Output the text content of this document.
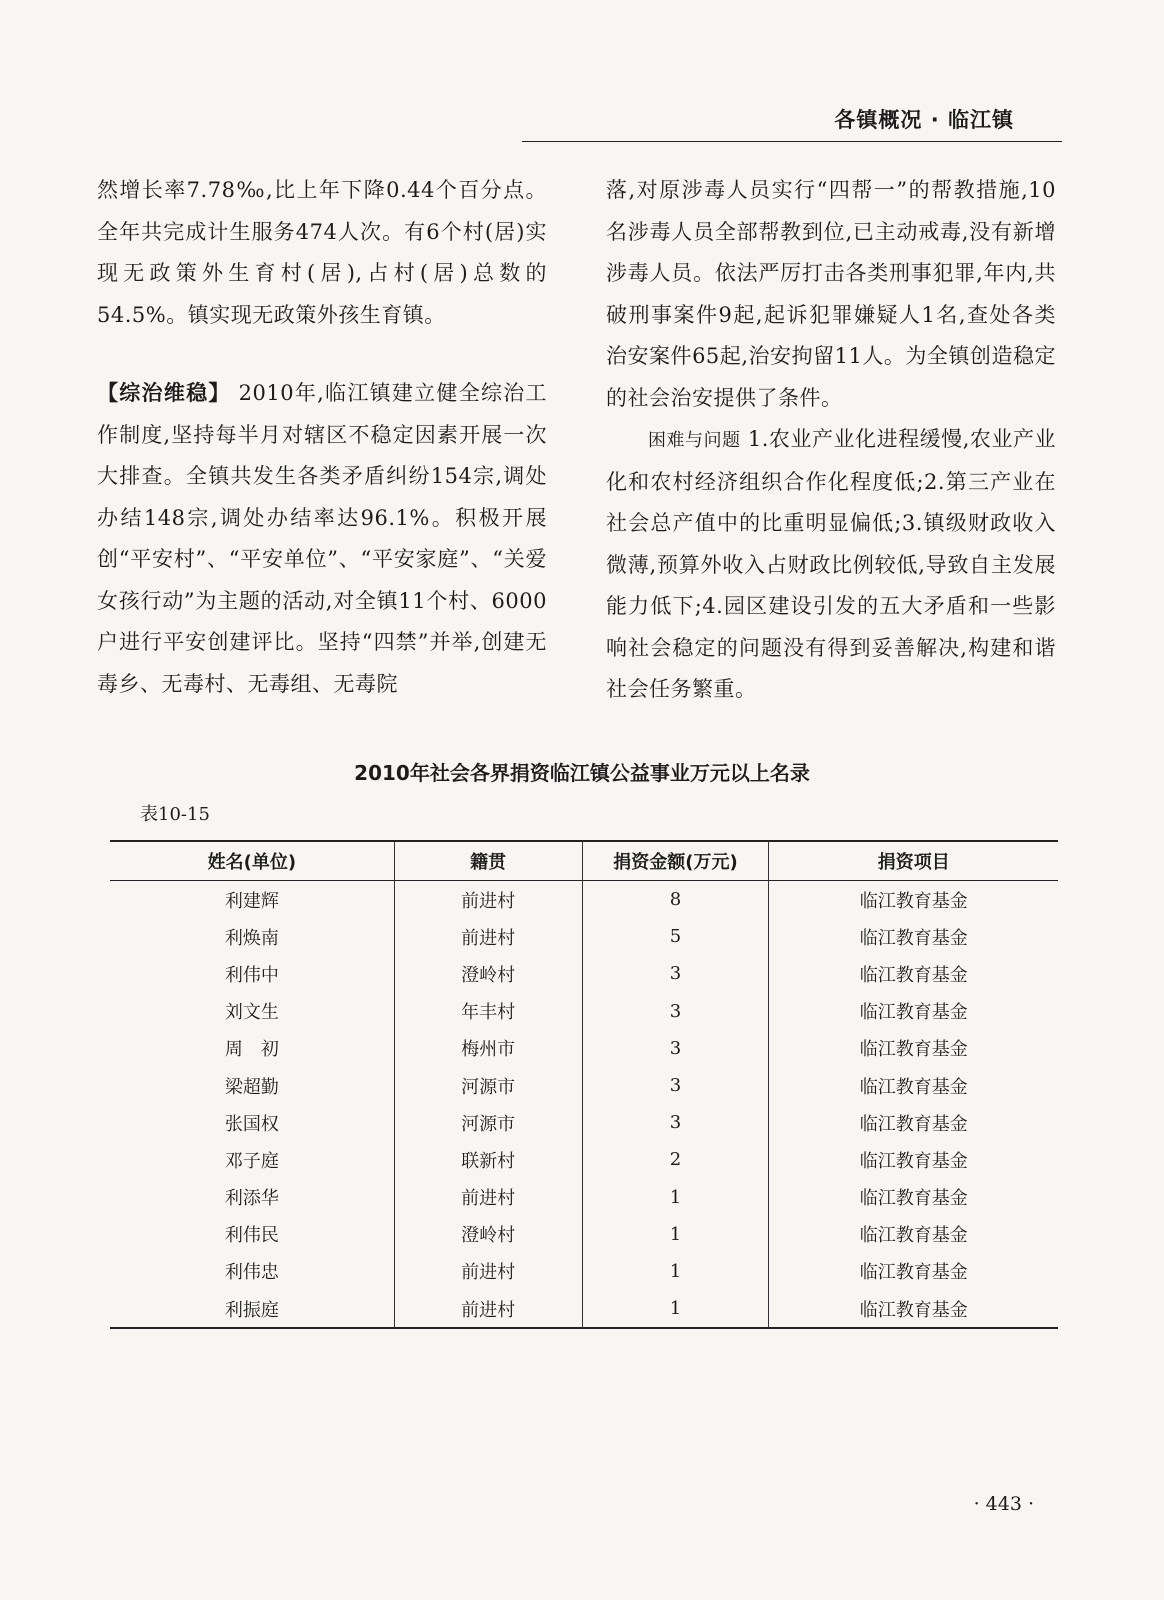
各镇概况 · 临江镇

然增长率7.78‰,比上年下降0.44个百分点。全年共完成计生服务474人次。有6个村(居)实现无政策外生育村(居),占村(居)总数的54.5%。镇实现无政策外孩生育镇。

【综治维稳】 2010年,临江镇建立健全综治工作制度,坚持每半月对辖区不稳定因素开展一次大排查。全镇共发生各类矛盾纠纷154宗,调处办结148宗,调处办结率达96.1%。积极开展创“平安村”、“平安单位”、“平安家庭”、“关爱女孩行动”为主题的活动,对全镇11个村、6000户进行平安创建评比。坚持“四禁”并举,创建无毒乡、无毒村、无毒组、无毒院

落,对原涉毒人员实行“四帮一”的帮教措施,10名涉毒人员全部帮教到位,已主动戒毒,没有新增涉毒人员。依法严厉打击各类刑事犯罪,年内,共破刑事案件9起,起诉犯罪嫌疑人1名,查处各类治安案件65起,治安拘留11人。为全镇创造稳定的社会治安提供了条件。

困难与问题 1.农业产业化进程缓慢,农业产业化和农村经济组织合作化程度低;2.第三产业在社会总产值中的比重明显偏低;3.镇级财政收入微薄,预算外收入占财政比例较低,导致自主发展能力低下;4.园区建设引发的五大矛盾和一些影响社会稳定的问题没有得到妥善解决,构建和谐社会任务繁重。

2010年社会各界捐资临江镇公益事业万元以上名录
表10-15
姓名(单位)	籍贯	捐资金额(万元)	捐资项目
利建辉	前进村	8	临江教育基金
利焕南	前进村	5	临江教育基金
利伟中	澄岭村	3	临江教育基金
刘文生	年丰村	3	临江教育基金
周　初	梅州市	3	临江教育基金
梁超勤	河源市	3	临江教育基金
张国权	河源市	3	临江教育基金
邓子庭	联新村	2	临江教育基金
利添华	前进村	1	临江教育基金
利伟民	澄岭村	1	临江教育基金
利伟忠	前进村	1	临江教育基金
利振庭	前进村	1	临江教育基金
· 443 ·
